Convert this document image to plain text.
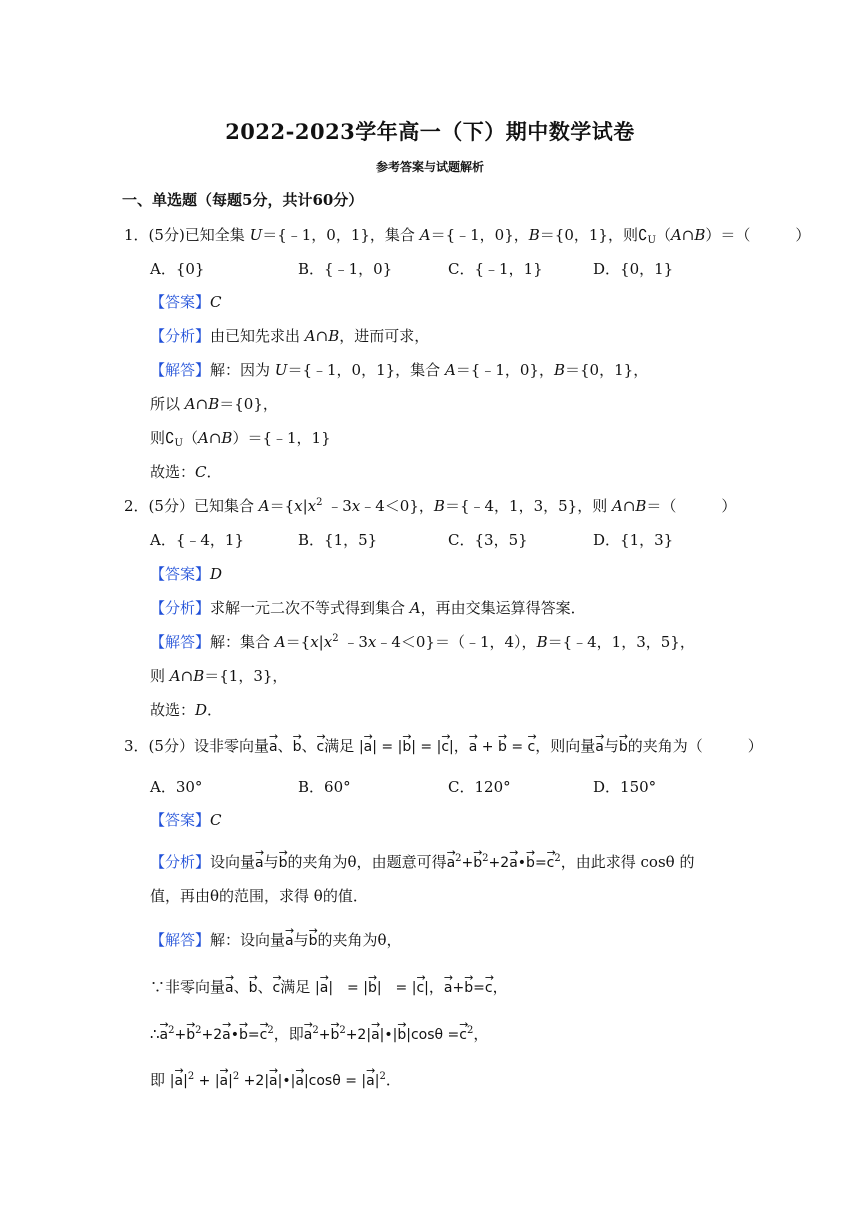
2022-2023学年高一（下）期中数学试卷
参考答案与试题解析
一、单选题（每题5分，共计60分）
1．(5分)已知全集 U＝{﹣1，0，1}，集合 A＝{﹣1，0}，B＝{0，1}，则$∁_U(A\cap B)=$（　　　）
A．{0}	B．{﹣1，0}	C．{﹣1，1}	D．{0，1}
【答案】C
【分析】由已知先求出 A∩B，进而可求，
【解答】解：因为 U＝{﹣1，0，1}，集合 A＝{﹣1，0}，B＝{0，1}，
所以 A∩B＝{0}，
则$∁_U(A\cap B)=\{﹣1$，1}
故选：C．
2．(5分）已知集合 $A=\{x|x^2$ ﹣3x﹣4＜0}，B＝{﹣4，1，3，5}，则 A∩B＝（　　　）
A．{﹣4，1}	B．{1，5}	C．{3，5}	D．{1，3}
【答案】D
【分析】求解一元二次不等式得到集合 A，再由交集运算得答案．
【解答】解：集合 $A=\{x|x^2$ ﹣3x﹣4＜0}＝（﹣1，4），B＝{﹣4，1，3，5}，
则 A∩B＝{1，3}，
故选：D．
3．(5分）设非零向量→ a、→ b、→ c满足 |→ a| = |→ b| = |→ c|，→ a + → b = → c，则向量→ a与→ b的夹角为（　　　）
A．30°	B．60°	C．120°	D．150°
【答案】C
【分析】设向量→ a与→ b的夹角为θ，由题意可得→ $a^2+\to b^2+2\to$ a•→ $b=\to c^2$，由此求得 cosθ 的
值，再由θ的范围，求得 θ的值．
【解答】解：设向量→ a与→ b的夹角为θ，
∵非零向量→ a、→ b、→ c满足 |→ a|　= |→ b|　= |→ c|，→ a+→ b=→ c，
∴→ $a^2+\to b^2+2\to$ a•→ $b=\to c^2$，即→ $a^2+\to b^2+2|\to$ a|•|→ $b|\cos\theta =\to c^2$，
即 |→ $a|^2$ + |→ $a|^2 +2|\to$ a|•|→ a|cosθ = |→ $a|^2$．
